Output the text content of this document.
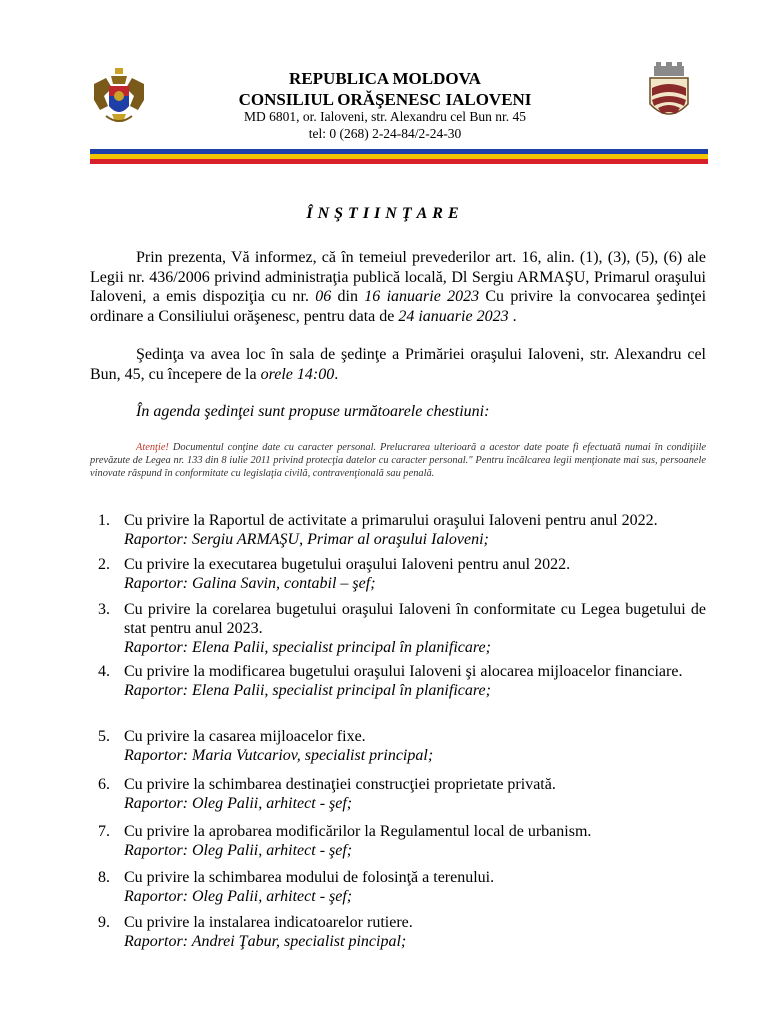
REPUBLICA MOLDOVA
CONSILIUL ORĂŞENESC IALOVENI
MD 6801, or. Ialoveni, str. Alexandru cel Bun nr. 45
tel: 0 (268) 2-24-84/2-24-30
ÎNŞTIINŢARE
Prin prezenta, Vă informez, că în temeiul prevederilor art. 16, alin. (1), (3), (5), (6) ale Legii nr. 436/2006 privind administraţia publică locală, Dl Sergiu ARMAŞU, Primarul oraşului Ialoveni, a emis dispoziţia cu nr. 06 din 16 ianuarie 2023 Cu privire la convocarea şedinţei ordinare a Consiliului orăşenesc, pentru data de 24 ianuarie 2023 .
Şedinţa va avea loc în sala de şedinţe a Primăriei oraşului Ialoveni, str. Alexandru cel Bun, 45, cu începere de la orele 14:00.
În agenda şedinţei sunt propuse următoarele chestiuni:
Atenţie! Documentul conţine date cu caracter personal. Prelucrarea ulterioară a acestor date poate fi efectuată numai în condiţiile prevăzute de Legea nr. 133 din 8 iulie 2011 privind protecţia datelor cu caracter personal." Pentru încălcarea legii menţionate mai sus, persoanele vinovate răspund în conformitate cu legislaţia civilă, contravenţională sau penală.
1. Cu privire la Raportul de activitate a primarului oraşului Ialoveni pentru anul 2022.
Raportor: Sergiu ARMAŞU, Primar al oraşului Ialoveni;
2. Cu privire la executarea bugetului oraşului Ialoveni pentru anul 2022.
Raportor: Galina Savin, contabil – şef;
3. Cu privire la corelarea bugetului oraşului Ialoveni în conformitate cu Legea bugetului de stat pentru anul 2023.
Raportor: Elena Palii, specialist principal în planificare;
4. Cu privire la modificarea bugetului oraşului Ialoveni şi alocarea mijloacelor financiare.
Raportor: Elena Palii, specialist principal în planificare;
5. Cu privire la casarea mijloacelor fixe.
Raportor: Maria Vutcariov, specialist principal;
6. Cu privire la schimbarea destinaţiei construcţiei proprietate privată.
Raportor: Oleg Palii, arhitect - şef;
7. Cu privire la aprobarea modificărilor la Regulamentul local de urbanism.
Raportor: Oleg Palii, arhitect - şef;
8. Cu privire la schimbarea modului de folosinţă a terenului.
Raportor: Oleg Palii, arhitect - şef;
9. Cu privire la instalarea indicatoarelor rutiere.
Raportor: Andrei Ţabur, specialist pincipal;
